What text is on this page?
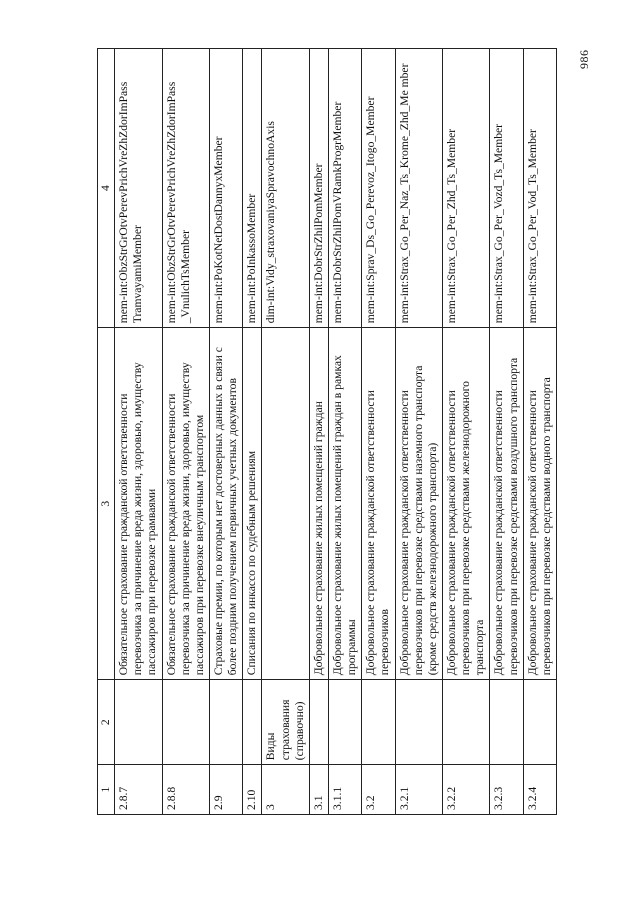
1	2	3	4
2.8.7		Обязательное страхование гражданской ответственности перевозчика за причинение вреда жизни, здоровью, имуществу пассажиров при перевозке трамваями	mem-int:ObzStrGrOtvPerevPrichVreZhZdorImPass TramvayamiMember
2.8.8		Обязательное страхование гражданской ответственности перевозчика за причинение вреда жизни, здоровью, имуществу пассажиров при перевозке внеуличным транспортом	mem-int:ObzStrGrOtvPerevPrichVreZhZdorImPass _VnulichTsMember
2.9		Страховые премии, по которым нет достоверных данных в связи с более поздним получением первичных учетных документов	mem-int:PoKotNetDostDannyxMember
2.10		Списания по инкассо по судебным решениям	mem-int:PoInkassoMember
3	Виды страхования (справочно)		dim-int:Vidy_straxovaniyaSpravochnoAxis
3.1		Добровольное страхование жилых помещений граждан	mem-int:DobrStrZhilPomMember
3.1.1		Добровольное страхование жилых помещений граждан в рамках программы	mem-int:DobrStrZhilPomVRamkProgrMember
3.2		Добровольное страхование гражданской ответственности перевозчиков	mem-int:Sprav_Ds_Go_Perevoz_Itogo_Member
3.2.1		Добровольное страхование гражданской ответственности перевозчиков при перевозке средствами наземного транспорта (кроме средств железнодорожного транспорта)	mem-int:Strax_Go_Per_Naz_Ts_Krome_Zhd_Me mber
3.2.2		Добровольное страхование гражданской ответственности перевозчиков при перевозке средствами железнодорожного транспорта	mem-int:Strax_Go_Per_Zhd_Ts_Member
3.2.3		Добровольное страхование гражданской ответственности перевозчиков при перевозке средствами воздушного транспорта	mem-int:Strax_Go_Per_Vozd_Ts_Member
3.2.4		Добровольное страхование гражданской ответственности перевозчиков при перевозке средствами водного транспорта	mem-int:Strax_Go_Per_Vod_Ts_Member
986
